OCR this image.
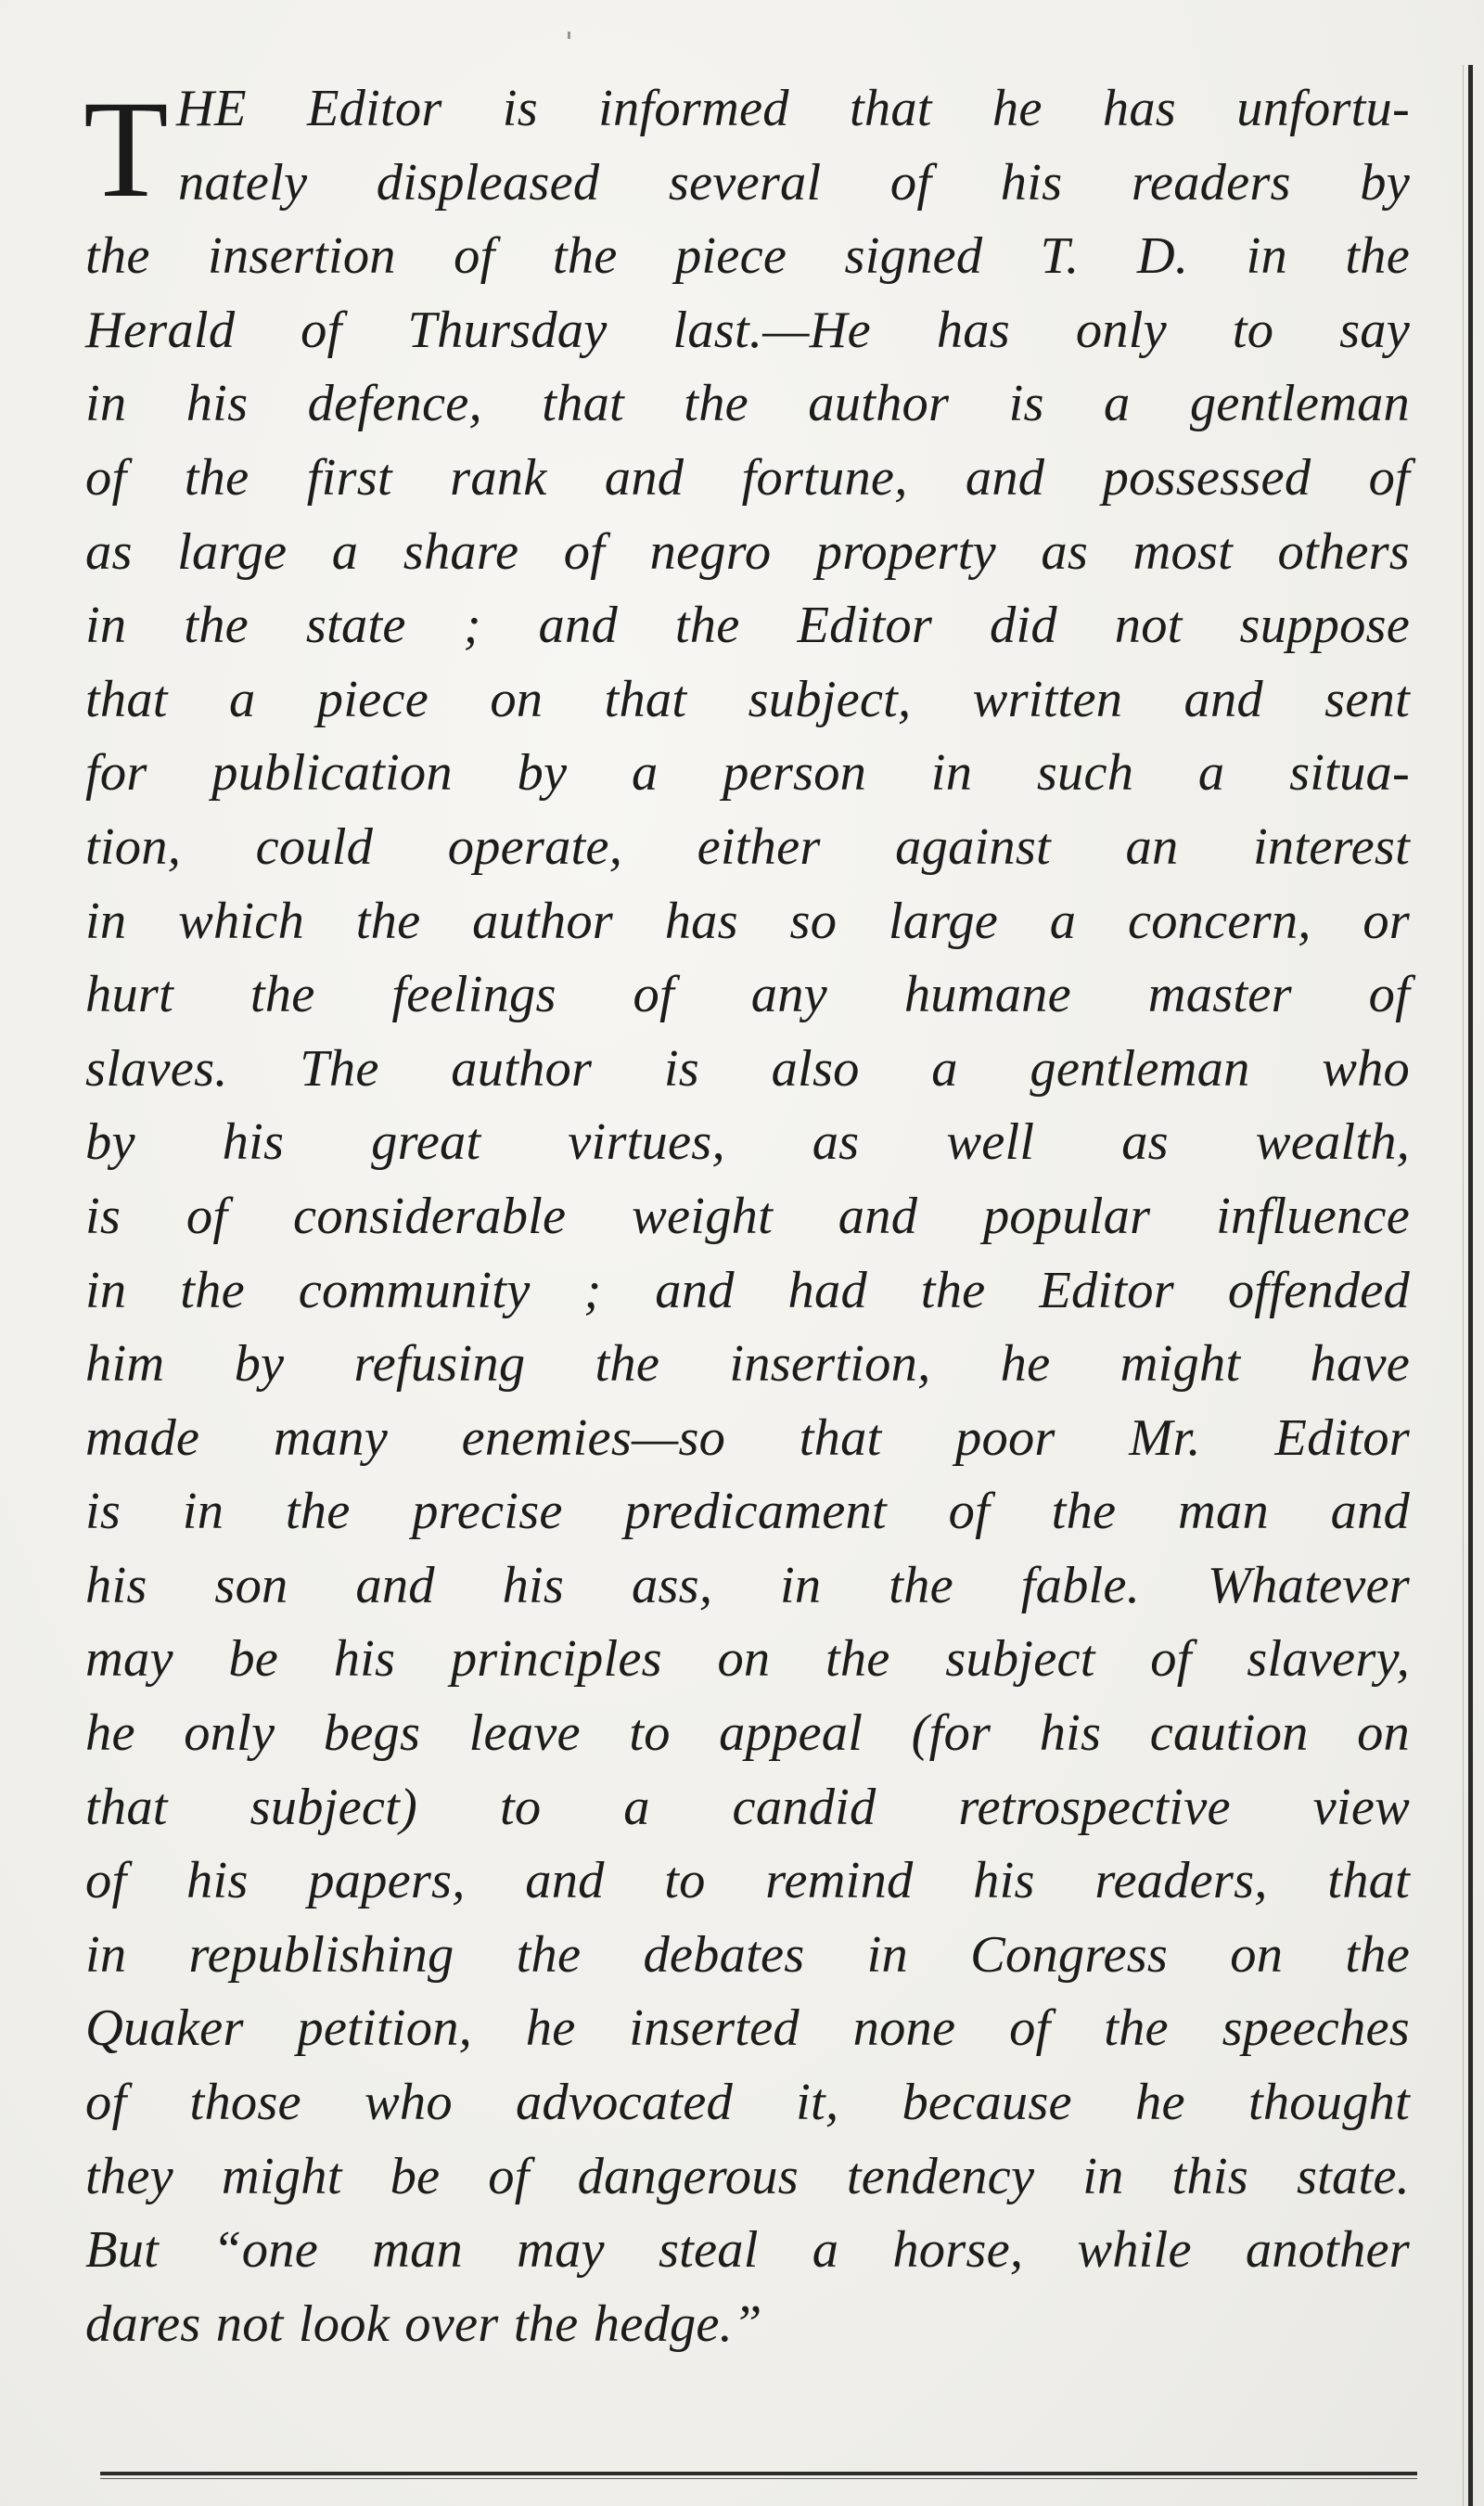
T HE Editor is informed that he has unfortu-
nately displeased several of his readers by
the insertion of the piece signed T. D. in the
Herald of Thursday last.—He has only to say
in his defence, that the author is a gentleman
of the first rank and fortune, and possessed of
as large a share of negro property as most others
in the state ; and the Editor did not suppose
that a piece on that subject, written and sent
for publication by a person in such a situa-
tion, could operate, either against an interest
in which the author has so large a concern, or
hurt the feelings of any humane master of
slaves. The author is also a gentleman who
by his great virtues, as well as wealth,
is of considerable weight and popular influence
in the community ; and had the Editor offended
him by refusing the insertion, he might have
made many enemies—so that poor Mr. Editor
is in the precise predicament of the man and
his son and his ass, in the fable. Whatever
may be his principles on the subject of slavery,
he only begs leave to appeal (for his caution on
that subject) to a candid retrospective view
of his papers, and to remind his readers, that
in republishing the debates in Congress on the
Quaker petition, he inserted none of the speeches
of those who advocated it, because he thought
they might be of dangerous tendency in this state.
But “one man may steal a horse, while another
dares not look over the hedge.”
